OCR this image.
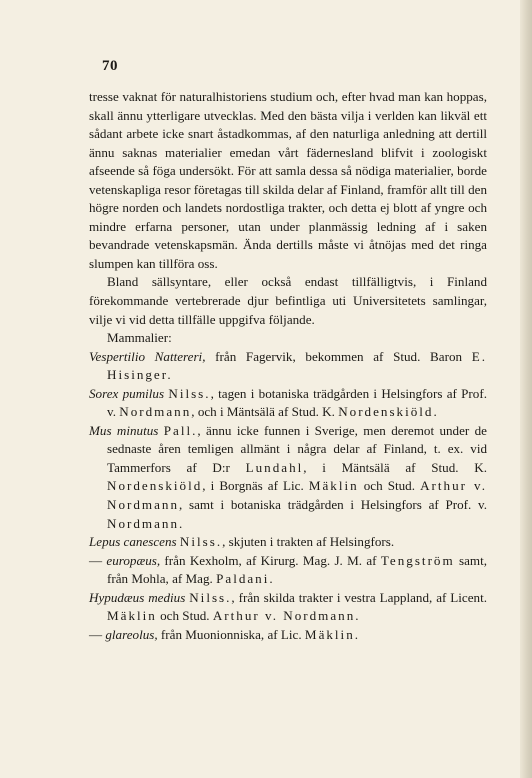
70

tresse vaknat för naturalhistoriens studium och, efter hvad man kan hoppas, skall ännu ytterligare utvecklas. Med den bästa vilja i verlden kan likväl ett sådant arbete icke snart åstadkommas, af den naturliga anledning att dertill ännu saknas materialier emedan vårt fädernesland blifvit i zoologiskt afseende så föga undersökt. För att samla dessa så nödiga materialier, borde vetenskapliga resor företagas till skilda delar af Finland, framför allt till den högre norden och landets nordostliga trakter, och detta ej blott af yngre och mindre erfarna personer, utan under planmässig ledning af i saken bevandrade vetenskapsmän. Ända dertills måste vi åtnöjas med det ringa slumpen kan tillföra oss.

Bland sällsyntare, eller också endast tillfälligtvis, i Finland förekommande vertebrerade djur befintliga uti Universitetets samlingar, vilje vi vid detta tillfälle uppgifva följande.

Mammalier:

Vespertilio Nattereri, från Fagervik, bekommen af Stud. Baron E. Hisinger.

Sorex pumilus Nilss., tagen i botaniska trädgården i Helsingfors af Prof. v. Nordmann, och i Mäntsälä af Stud. K. Nordenskiöld.

Mus minutus Pall., ännu icke funnen i Sverige, men deremot under de sednaste åren temligen allmänt i några delar af Finland, t. ex. vid Tammerfors af D:r Lundahl, i Mäntsälä af Stud. K. Nordenskiöld, i Borgnäs af Lic. Mäklin och Stud. Arthur v. Nordmann, samt i botaniska trädgården i Helsingfors af Prof. v. Nordmann.

Lepus canescens Nilss., skjuten i trakten af Helsingfors.

— europæus, från Kexholm, af Kirurg. Mag. J. M. af Tengström samt, från Mohla, af Mag. Paldani.

Hypudæus medius Nilss., från skilda trakter i vestra Lappland, af Licent. Mäklin och Stud. Arthur v. Nordmann.

— glareolus, från Muonionniska, af Lic. Mäklin.
